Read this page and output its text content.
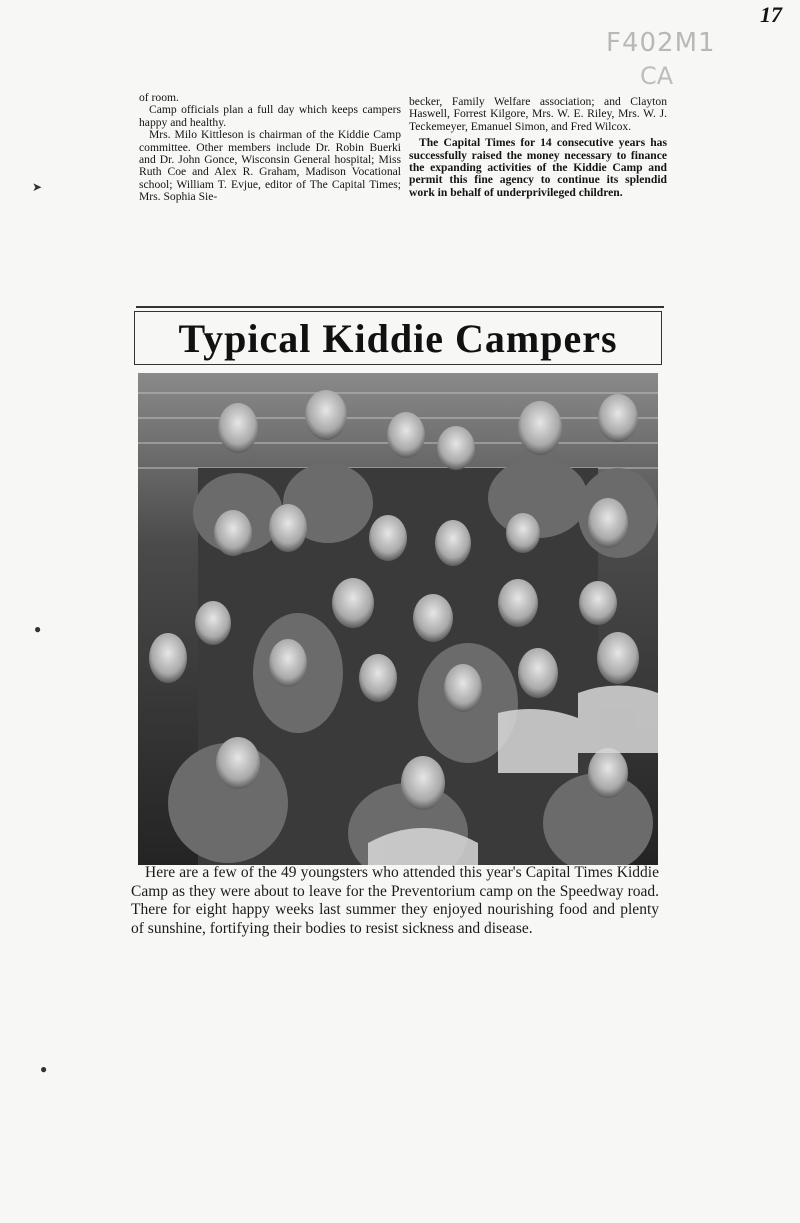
17
F402M1
CA
➤
●
●

of room.

Camp officials plan a full day which keeps campers happy and healthy.

Mrs. Milo Kittleson is chairman of the Kiddie Camp committee. Other members include Dr. Robin Buerki and Dr. John Gonce, Wisconsin General hospital; Miss Ruth Coe and Alex R. Graham, Madison Vocational school; William T. Evjue, editor of The Capital Times; Mrs. Sophia Sie-

becker, Family Welfare association; and Clayton Haswell, Forrest Kilgore, Mrs. W. E. Riley, Mrs. W. J. Teckemeyer, Emanuel Simon, and Fred Wilcox.

The Capital Times for 14 consecutive years has successfully raised the money necessary to finance the expanding activities of the Kiddie Camp and permit this fine agency to continue its splendid work in behalf of underprivileged children.

Typical Kiddie Campers
Here are a few of the 49 youngsters who attended this year's Capital Times Kiddie Camp as they were about to leave for the Preventorium camp on the Speedway road. There for eight happy weeks last summer they enjoyed nourishing food and plenty of sunshine, fortifying their bodies to resist sickness and disease.
